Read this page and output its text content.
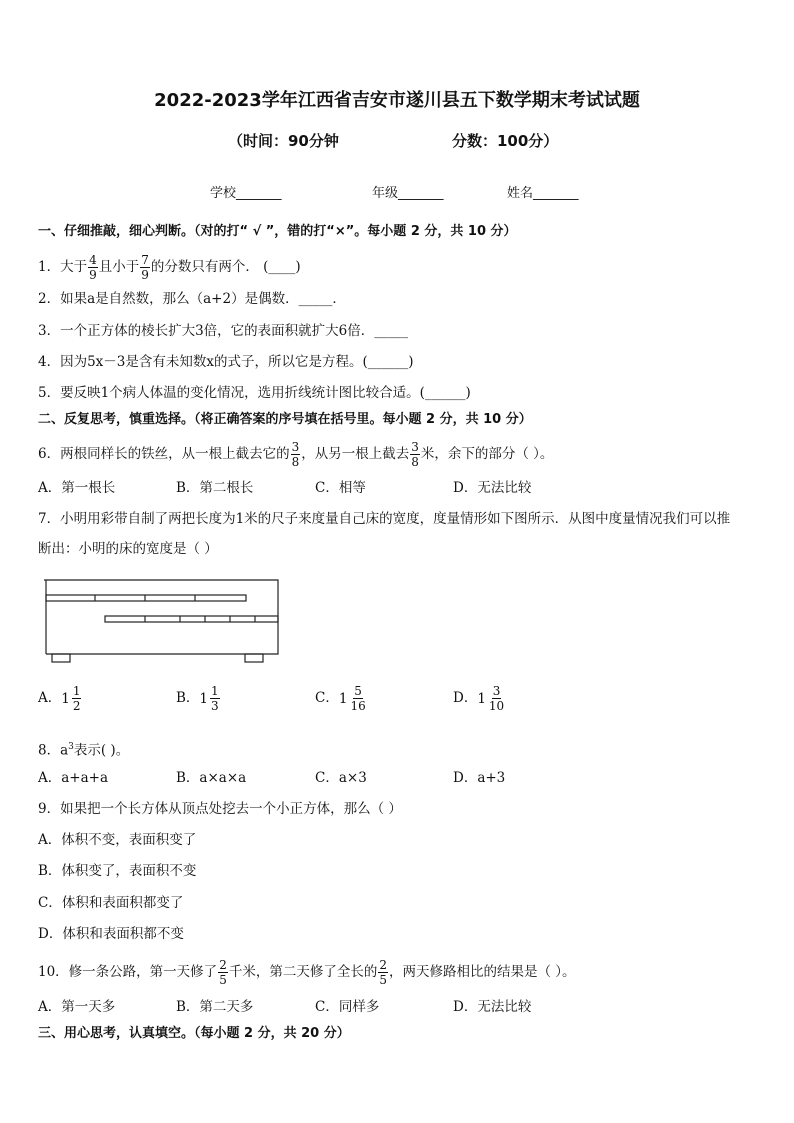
2022-2023学年江西省吉安市遂川县五下数学期末考试试题
（时间：90分钟	分数：100分）
学校_______	年级_______	姓名_______
一、仔细推敲，细心判断。（对的打“ √ ”，错的打“×”。每小题 2 分，共 10 分）
1．大于 $\frac{4}{9}$ 且小于 $\frac{7}{9}$ 的分数只有两个． (____)
2．如果a是自然数，那么（a+2）是偶数．_____．
3．一个正方体的棱长扩大3倍，它的表面积就扩大6倍．_____
4．因为5x－3是含有未知数x的式子，所以它是方程。(______)
5．要反映1个病人体温的变化情况，选用折线统计图比较合适。(______)
二、反复思考，慎重选择。（将正确答案的序号填在括号里。每小题 2 分，共 10 分）
6．两根同样长的铁丝，从一根上截去它的 $\frac{3}{8}$ ，从另一根上截去 $\frac{3}{8}$ 米，余下的部分（ ）。
A．第一根长	B．第二根长	C．相等	D．无法比较
7．小明用彩带自制了两把长度为1米的尺子来度量自己床的宽度，度量情形如下图所示．从图中度量情况我们可以推
断出：小明的床的宽度是（ ）
A． $1 \frac{1}{2}$	B． $1 \frac{1}{3}$	C． $1 \frac{5}{16}$	D． $1 \frac{3}{10}$
8．$a^3$表示( )。
A．a+a+a	B．a×a×a	C．a×3	D．a+3
9．如果把一个长方体从顶点处挖去一个小正方体，那么（ ）
A．体积不变，表面积变了
B．体积变了，表面积不变
C．体积和表面积都变了
D．体积和表面积都不变
10．修一条公路，第一天修了 $\frac{2}{5}$ 千米，第二天修了全长的 $\frac{2}{5}$ ，两天修路相比的结果是（ ）。
A．第一天多	B．第二天多	C．同样多	D．无法比较
三、用心思考，认真填空。（每小题 2 分，共 20 分）
